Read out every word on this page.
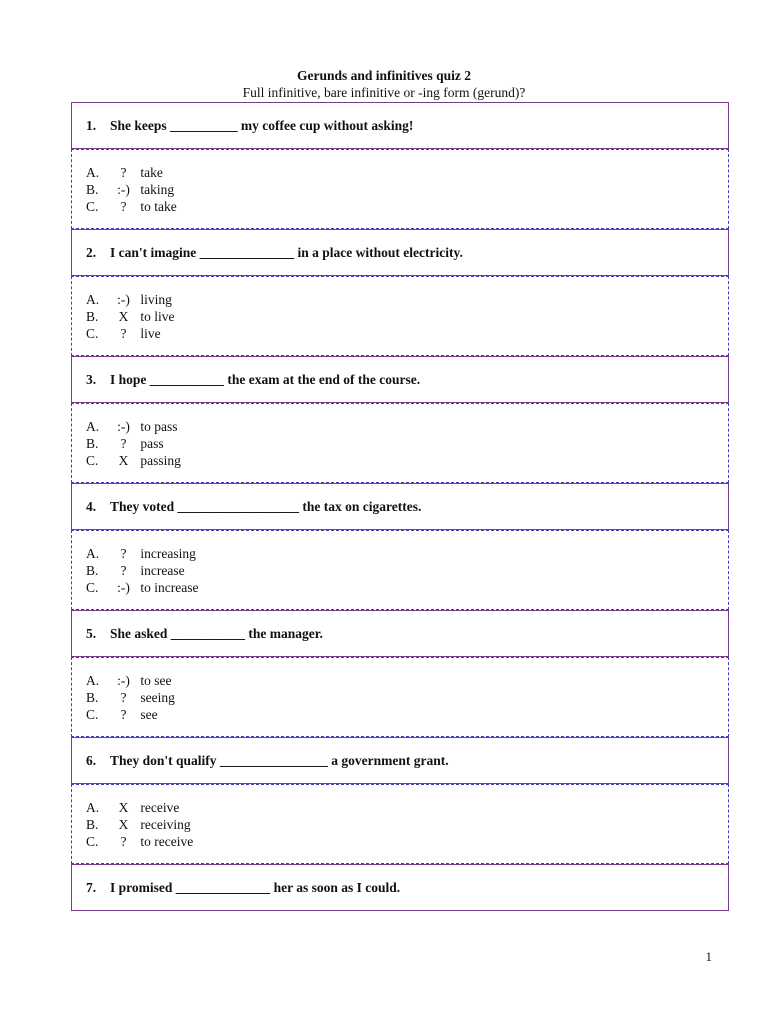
Gerunds and infinitives quiz 2
Full infinitive, bare infinitive or -ing form (gerund)?
1.	She keeps __________ my coffee cup without asking!
A. ? take
B. :-) taking
C. ? to take
2.	I can't imagine ______________ in a place without electricity.
A. :-) living
B. X to live
C. ? live
3.	I hope ___________ the exam at the end of the course.
A. :-) to pass
B. ? pass
C. X passing
4.	They voted __________________ the tax on cigarettes.
A. ? increasing
B. ? increase
C. :-) to increase
5.	She asked ___________ the manager.
A. :-) to see
B. ? seeing
C. ? see
6.	They don't qualify ________________ a government grant.
A. X receive
B. X receiving
C. ? to receive
7.	I promised ______________ her as soon as I could.
1
